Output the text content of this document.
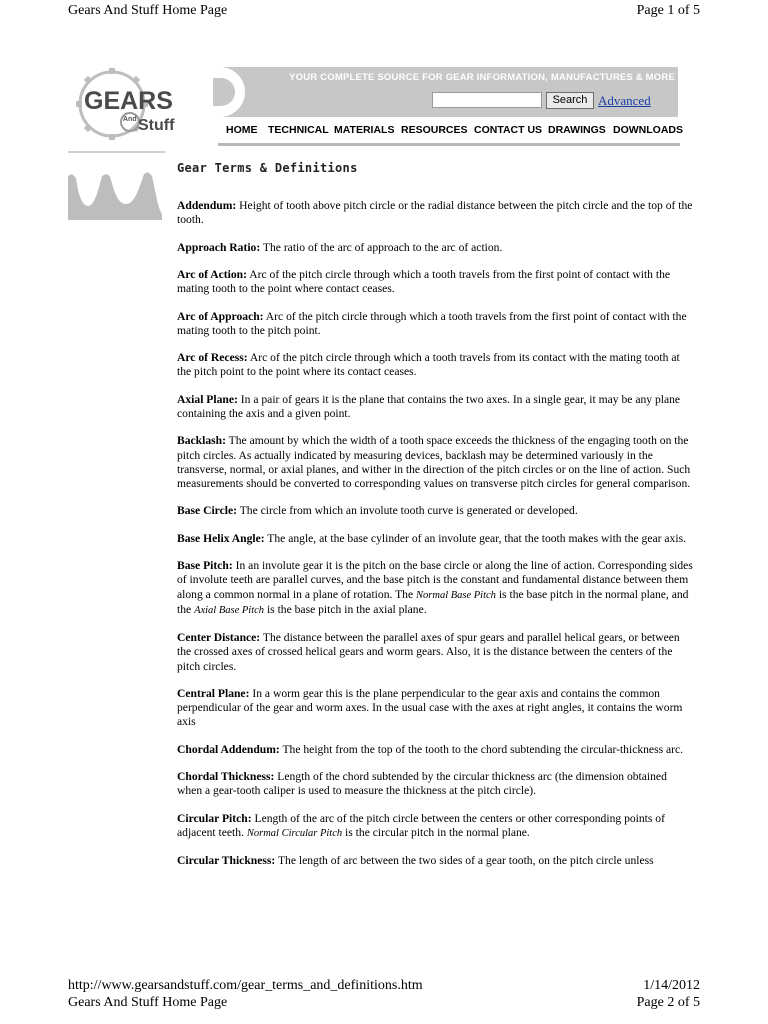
Gears And Stuff Home Page	Page 1 of 5
GEARS
And Stuff
YOUR COMPLETE SOURCE FOR GEAR INFORMATION, MANUFACTURES & MORE
Search Advanced
HOME TECHNICAL MATERIALS RESOURCES CONTACT US DRAWINGS DOWNLOADS
Gear Terms & Definitions

Addendum: Height of tooth above pitch circle or the radial distance between the pitch circle and the top of the tooth.

Approach Ratio: The ratio of the arc of approach to the arc of action.

Arc of Action: Arc of the pitch circle through which a tooth travels from the first point of contact with the mating tooth to the point where contact ceases.

Arc of Approach: Arc of the pitch circle through which a tooth travels from the first point of contact with the mating tooth to the pitch point.

Arc of Recess: Arc of the pitch circle through which a tooth travels from its contact with the mating tooth at the pitch point to the point where its contact ceases.

Axial Plane: In a pair of gears it is the plane that contains the two axes. In a single gear, it may be any plane containing the axis and a given point.

Backlash: The amount by which the width of a tooth space exceeds the thickness of the engaging tooth on the pitch circles. As actually indicated by measuring devices, backlash may be determined variously in the transverse, normal, or axial planes, and wither in the direction of the pitch circles or on the line of action. Such measurements should be converted to corresponding values on transverse pitch circles for general comparison.

Base Circle: The circle from which an involute tooth curve is generated or developed.

Base Helix Angle: The angle, at the base cylinder of an involute gear, that the tooth makes with the gear axis.

Base Pitch: In an involute gear it is the pitch on the base circle or along the line of action. Corresponding sides of involute teeth are parallel curves, and the base pitch is the constant and fundamental distance between them along a common normal in a plane of rotation. The Normal Base Pitch is the base pitch in the normal plane, and the Axial Base Pitch is the base pitch in the axial plane.

Center Distance: The distance between the parallel axes of spur gears and parallel helical gears, or between the crossed axes of crossed helical gears and worm gears. Also, it is the distance between the centers of the pitch circles.

Central Plane: In a worm gear this is the plane perpendicular to the gear axis and contains the common perpendicular of the gear and worm axes. In the usual case with the axes at right angles, it contains the worm axis

Chordal Addendum: The height from the top of the tooth to the chord subtending the circular-thickness arc.

Chordal Thickness: Length of the chord subtended by the circular thickness arc (the dimension obtained when a gear-tooth caliper is used to measure the thickness at the pitch circle).

Circular Pitch: Length of the arc of the pitch circle between the centers or other corresponding points of adjacent teeth. Normal Circular Pitch is the circular pitch in the normal plane.

Circular Thickness: The length of arc between the two sides of a gear tooth, on the pitch circle unless

http://www.gearsandstuff.com/gear_terms_and_definitions.htm	1/14/2012
Gears And Stuff Home Page	Page 2 of 5
